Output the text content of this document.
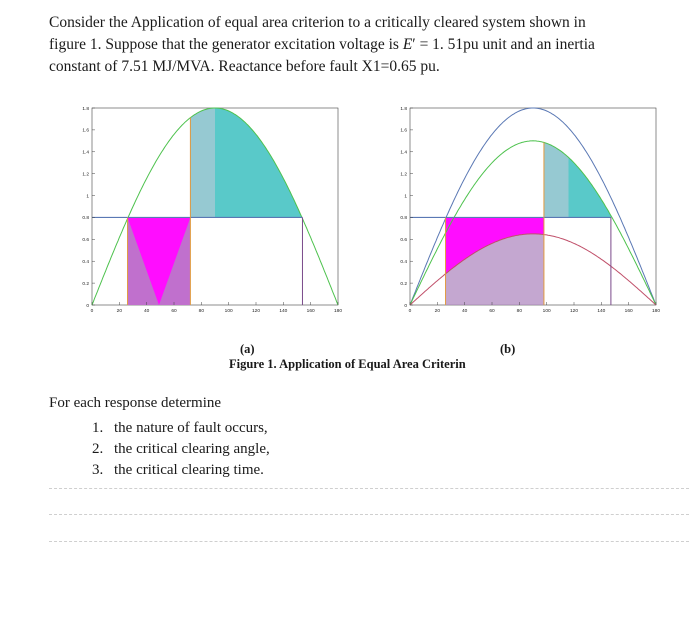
Consider the Application of equal area criterion to a critically cleared system shown in
figure 1. Suppose that the generator excitation voltage is E′ = 1. 51pu unit and an inertia
constant of 7.51 MJ/MVA. Reactance before fault X1=0.65 pu.
0
0.2
0.4
0.6
0.8
1
1.2
1.4
1.6
1.8
0	20	40	60	80	100	120	140	160	180
0
0.2
0.4
0.6
0.8
1
1.2
1.4
1.6
1.8
0	20	40	60	80	100	120	140	160	180
(a)	(b)
Figure 1. Application of Equal Area Criterin
For each response determine
1. the nature of fault occurs,
2. the critical clearing angle,
3. the critical clearing time.
